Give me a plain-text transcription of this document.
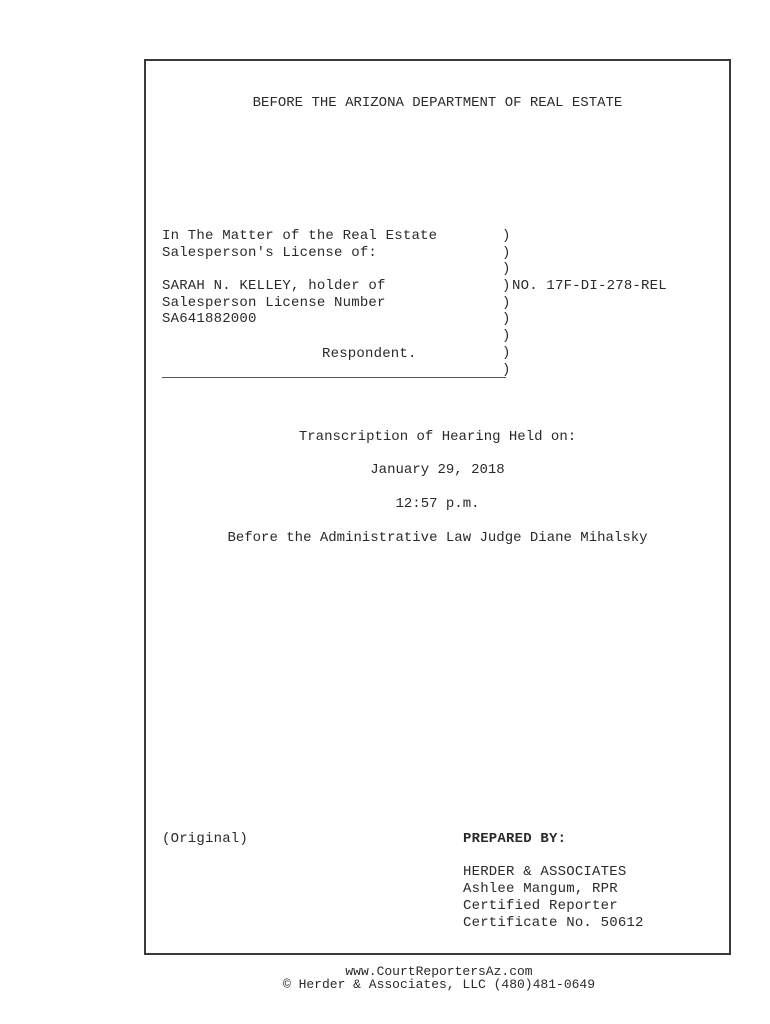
BEFORE THE ARIZONA DEPARTMENT OF REAL ESTATE
In The Matter of the Real Estate
Salesperson's License of:
SARAH N. KELLEY, holder of
Salesperson License Number
SA641882000
Respondent.
)
)
)
)
)
)
)
)
)
NO. 17F-DI-278-REL
Transcription of Hearing Held on:
January 29, 2018
12:57 p.m.
Before the Administrative Law Judge Diane Mihalsky
(Original)	PREPARED BY:
HERDER & ASSOCIATES
Ashlee Mangum, RPR
Certified Reporter
Certificate No. 50612
www.CourtReportersAz.com
© Herder & Associates, LLC (480)481-0649
